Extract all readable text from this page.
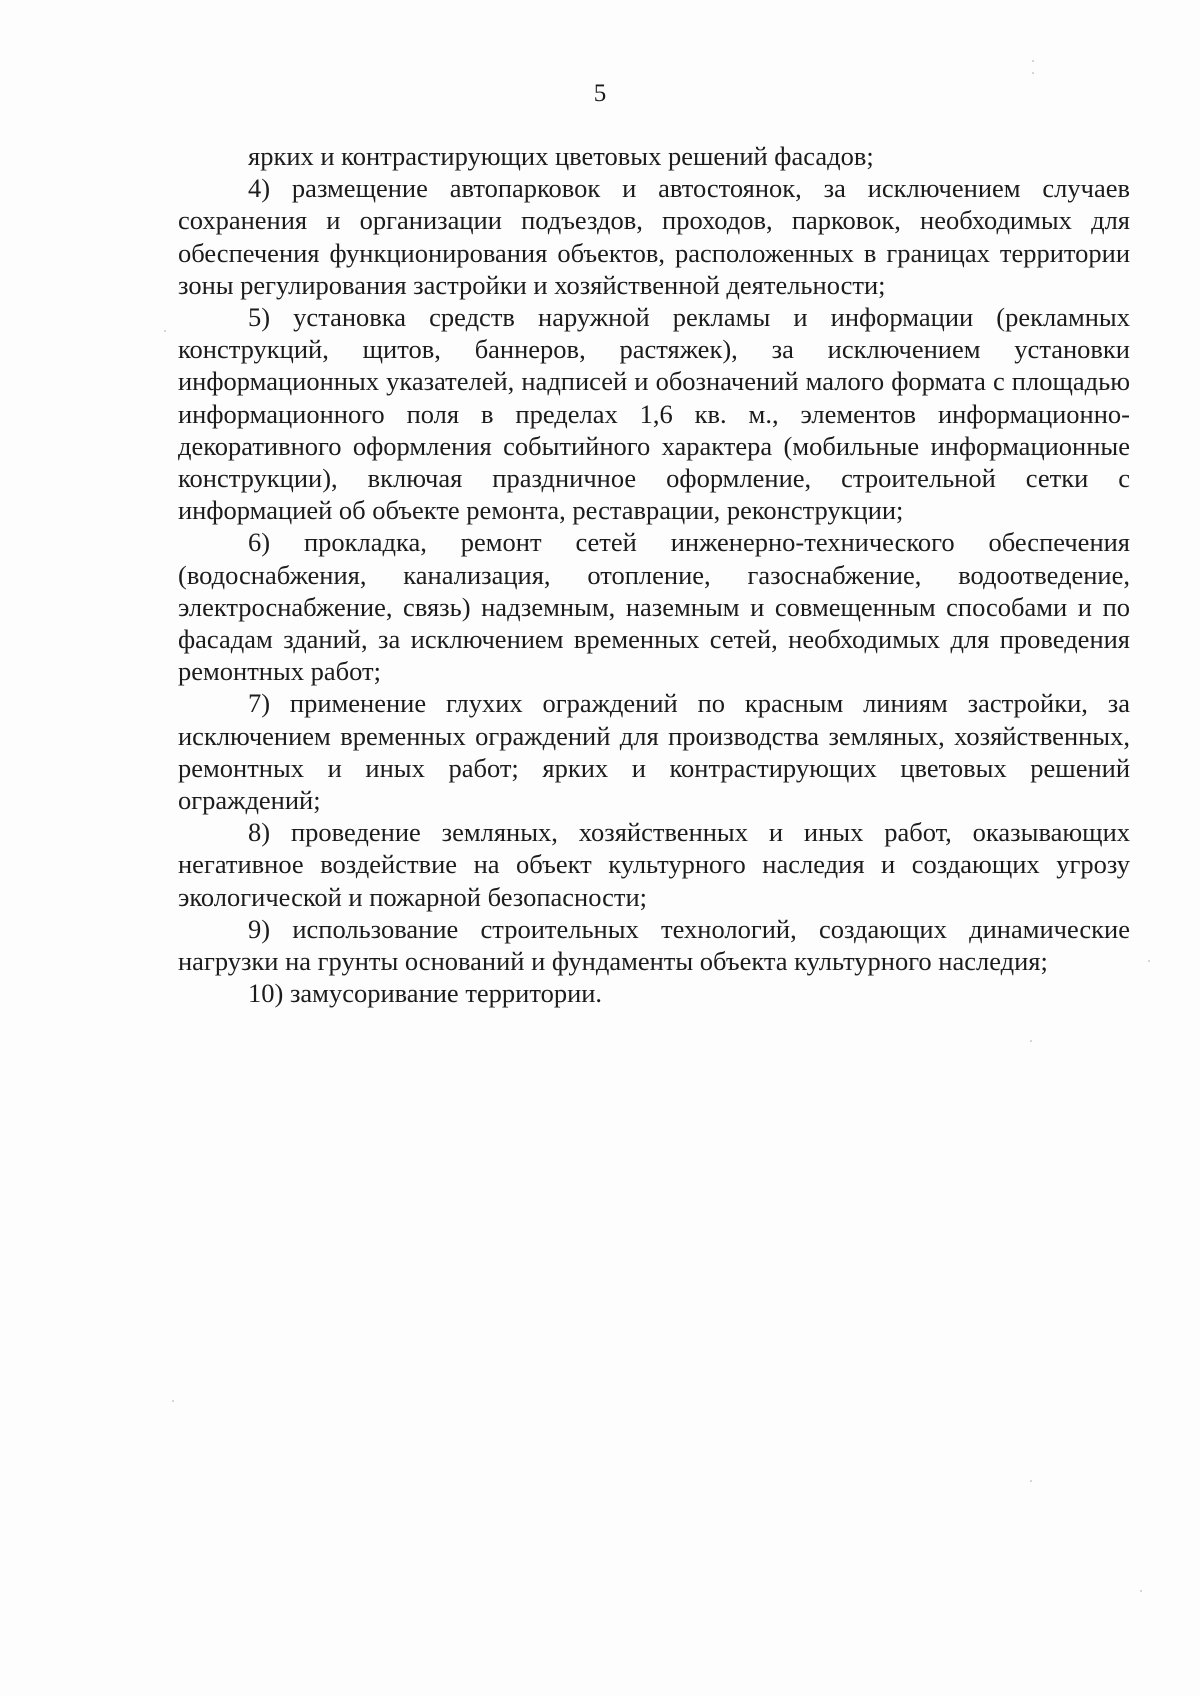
5

ярких и контрастирующих цветовых решений фасадов;

4) размещение автопарковок и автостоянок, за исключением случаев сохранения и организации подъездов, проходов, парковок, необходимых для обеспечения функционирования объектов, расположенных в границах территории зоны регулирования застройки и хозяйственной деятельности;

5) установка средств наружной рекламы и информации (рекламных конструкций, щитов, баннеров, растяжек), за исключением установки информационных указателей, надписей и обозначений малого формата с площадью информационного поля в пределах 1,6 кв. м., элементов информационно-декоративного оформления событийного характера (мобильные информационные конструкции), включая праздничное оформление, строительной сетки с информацией об объекте ремонта, реставрации, реконструкции;

6) прокладка, ремонт сетей инженерно-технического обеспечения (водоснабжения, канализация, отопление, газоснабжение, водоотведение, электроснабжение, связь) надземным, наземным и совмещенным способами и по фасадам зданий, за исключением временных сетей, необходимых для проведения ремонтных работ;

7) применение глухих ограждений по красным линиям застройки, за исключением временных ограждений для производства земляных, хозяйственных, ремонтных и иных работ; ярких и контрастирующих цветовых решений ограждений;

8) проведение земляных, хозяйственных и иных работ, оказывающих негативное воздействие на объект культурного наследия и создающих угрозу экологической и пожарной безопасности;

9) использование строительных технологий, создающих динамические нагрузки на грунты оснований и фундаменты объекта культурного наследия;

10) замусоривание территории.
